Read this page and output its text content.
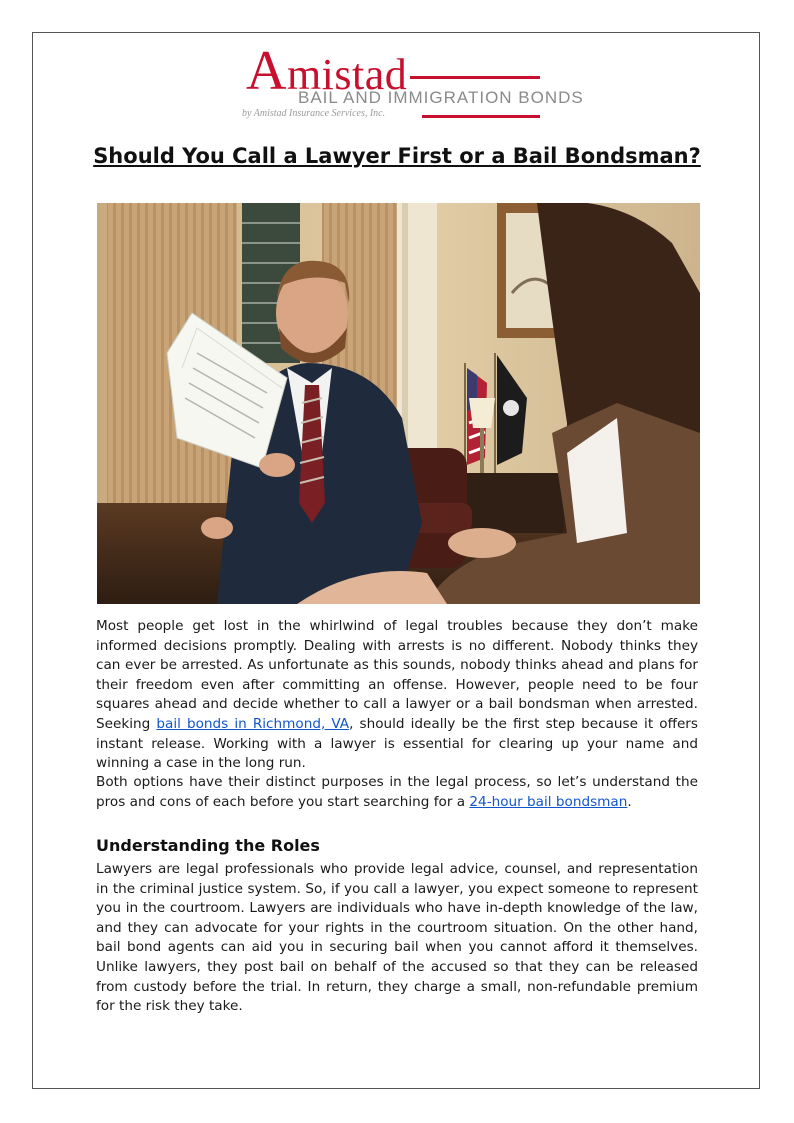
Amistad
BAIL AND IMMIGRATION BONDS
by Amistad Insurance Services, Inc.
Should You Call a Lawyer First or a Bail Bondsman?
Most people get lost in the whirlwind of legal troubles because they don’t make informed decisions promptly. Dealing with arrests is no different. Nobody thinks they can ever be arrested. As unfortunate as this sounds, nobody thinks ahead and plans for their freedom even after committing an offense. However, people need to be four squares ahead and decide whether to call a lawyer or a bail bondsman when arrested. Seeking bail bonds in Richmond, VA, should ideally be the first step because it offers instant release. Working with a lawyer is essential for clearing up your name and winning a case in the long run.
Both options have their distinct purposes in the legal process, so let’s understand the pros and cons of each before you start searching for a 24-hour bail bondsman.
Understanding the Roles
Lawyers are legal professionals who provide legal advice, counsel, and representation in the criminal justice system. So, if you call a lawyer, you expect someone to represent you in the courtroom. Lawyers are individuals who have in-depth knowledge of the law, and they can advocate for your rights in the courtroom situation. On the other hand, bail bond agents can aid you in securing bail when you cannot afford it themselves. Unlike lawyers, they post bail on behalf of the accused so that they can be released from custody before the trial. In return, they charge a small, non-refundable premium for the risk they take.
